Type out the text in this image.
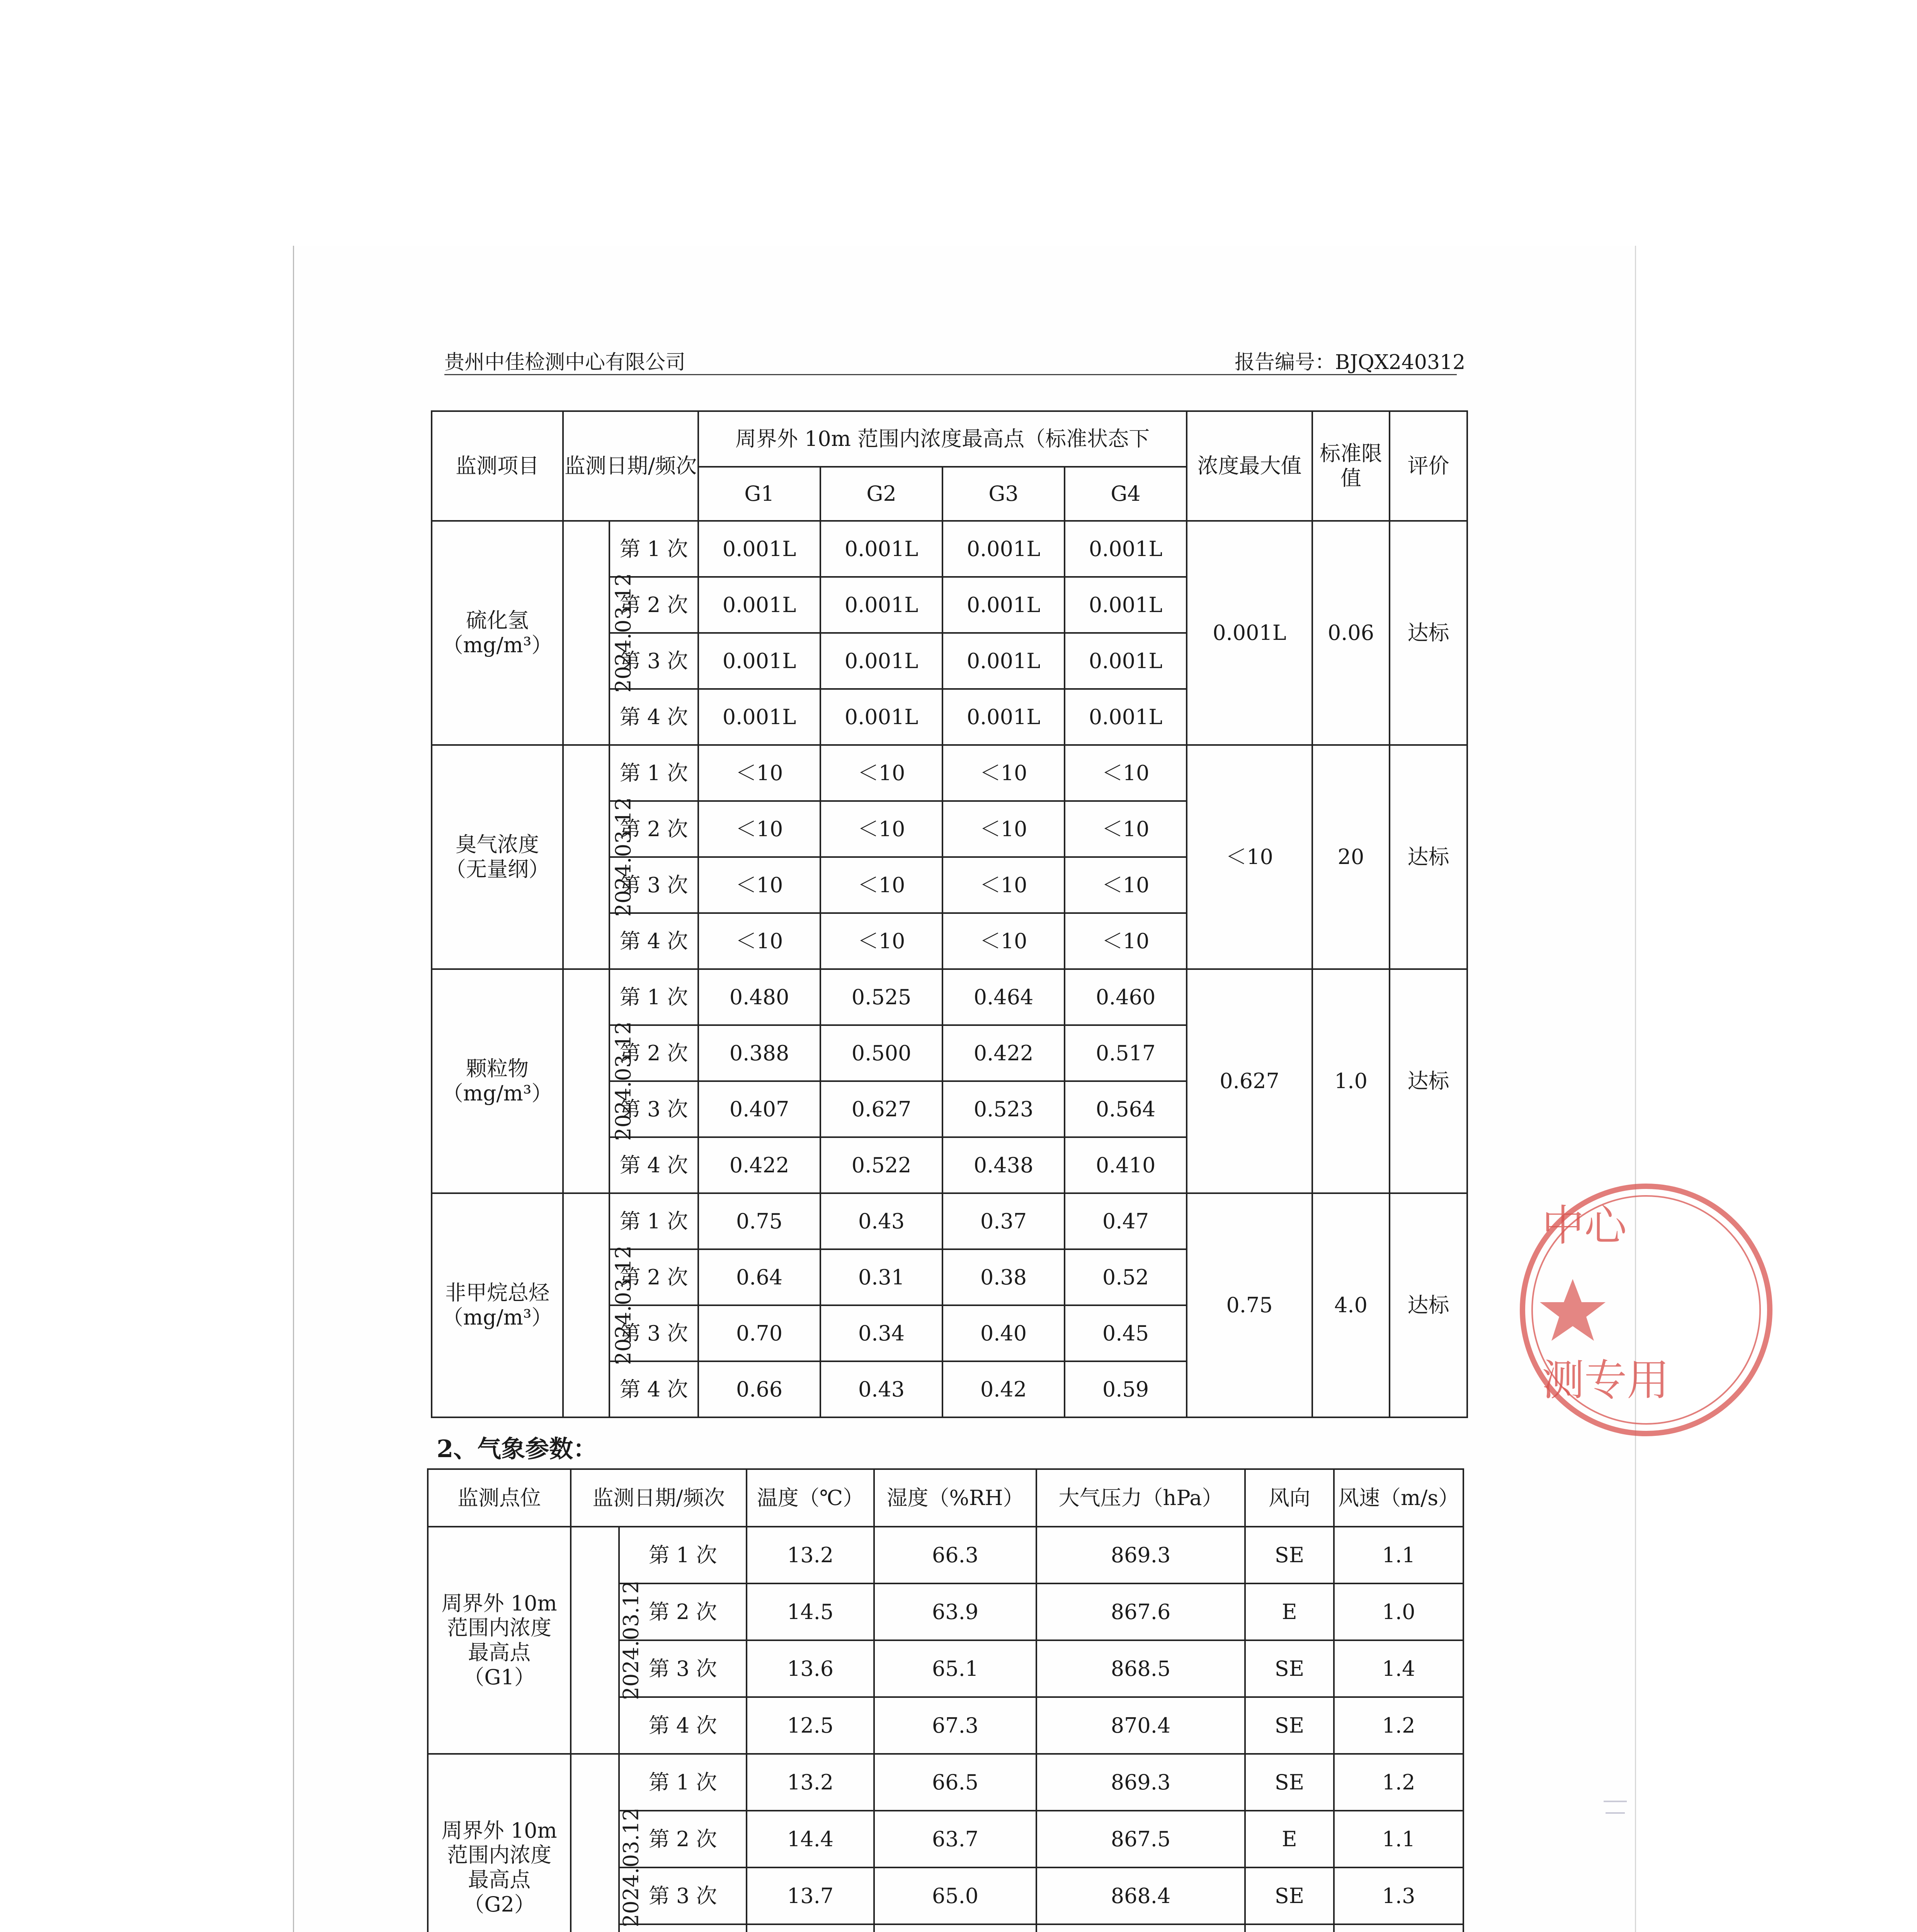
贵州中佳检测中心有限公司	报告编号：BJQX240312
监测项目	监测日期/频次		周界外 10m 范围内浓度最高点（标准状态下				浓度最大值	标准限值	评价
			G1	G2	G3	G4			

硫化氢
（mg/m³）	2024.03.12	第 1 次	0.001L	0.001L	0.001L	0.001L	0.001L	0.06	达标
		第 2 次	0.001L	0.001L	0.001L	0.001L			
		第 3 次	0.001L	0.001L	0.001L	0.001L			
		第 4 次	0.001L	0.001L	0.001L	0.001L			

臭气浓度
（无量纲）	2024.03.12	第 1 次	＜10	＜10	＜10	＜10	＜10	20	达标
		第 2 次	＜10	＜10	＜10	＜10			
		第 3 次	＜10	＜10	＜10	＜10			
		第 4 次	＜10	＜10	＜10	＜10			

颗粒物
（mg/m³）	2024.03.12	第 1 次	0.480	0.525	0.464	0.460	0.627	1.0	达标
		第 2 次	0.388	0.500	0.422	0.517			
		第 3 次	0.407	0.627	0.523	0.564			
		第 4 次	0.422	0.522	0.438	0.410			

非甲烷总烃
（mg/m³）	2024.03.12	第 1 次	0.75	0.43	0.37	0.47	0.75	4.0	达标
		第 2 次	0.64	0.31	0.38	0.52			
		第 3 次	0.70	0.34	0.40	0.45			
		第 4 次	0.66	0.43	0.42	0.59			
2、气象参数：
监测点位	监测日期/频次		温度（℃）	湿度（%RH）	大气压力（hPa）	风向	风速（m/s）

周界外 10m 范围内浓度最高点（G1）	2024.03.12	第 1 次	13.2	66.3	869.3	SE	1.1
		第 2 次	14.5	63.9	867.6	E	1.0
		第 3 次	13.6	65.1	868.5	SE	1.4
		第 4 次	12.5	67.3	870.4	SE	1.2

周界外 10m 范围内浓度最高点（G2）	2024.03.12	第 1 次	13.2	66.5	869.3	SE	1.2
		第 2 次	14.4	63.7	867.5	E	1.1
		第 3 次	13.7	65.0	868.4	SE	1.3

中心
测专用
